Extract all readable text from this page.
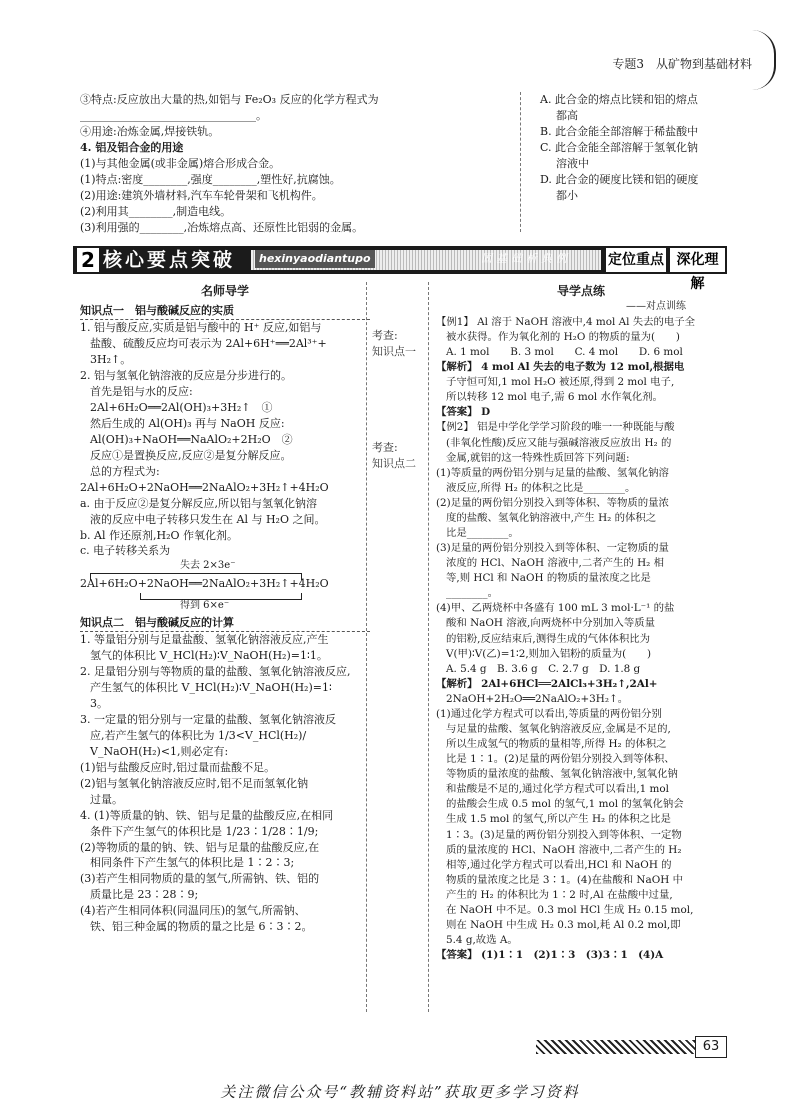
专题3　从矿物到基础材料
③特点:反应放出大量的热,如铝与 Fe₂O₃ 反应的化学方程式为
________________________________。
④用途:冶炼金属,焊接铁轨。
4. 铝及铝合金的用途
(1)与其他金属(或非金属)熔合形成合金。
(1)特点:密度________,强度________,塑性好,抗腐蚀。
(2)用途:建筑外墙材料,汽车车轮骨架和飞机构件。
(2)利用其________,制造电线。
(3)利用强的________,冶炼熔点高、还原性比铝弱的金属。
A. 此合金的熔点比镁和铝的熔点
都高
B. 此合金能全部溶解于稀盐酸中
C. 此合金能全部溶解于氢氧化钠
溶液中
D. 此合金的硬度比镁和铝的硬度
都小
2 核心要点突破	hexinyaodiantupo	固基础析典例	定位重点 深化理解
名师导学
知识点一　铝与酸碱反应的实质
1. 铝与酸反应,实质是铝与酸中的 H⁺ 反应,如铝与
盐酸、硫酸反应均可表示为 2Al+6H⁺══2Al³⁺+
3H₂↑。
2. 铝与氢氧化钠溶液的反应是分步进行的。
首先是铝与水的反应:
2Al+6H₂O══2Al(OH)₃+3H₂↑　①
然后生成的 Al(OH)₃ 再与 NaOH 反应:
Al(OH)₃+NaOH══NaAlO₂+2H₂O　②
反应①是置换反应,反应②是复分解反应。
总的方程式为:
2Al+6H₂O+2NaOH══2NaAlO₂+3H₂↑+4H₂O
a. 由于反应②是复分解反应,所以铝与氢氧化钠溶
液的反应中电子转移只发生在 Al 与 H₂O 之间。
b. Al 作还原剂,H₂O 作氧化剂。
c. 电子转移关系为
失去 2×3e⁻
2Al+6H₂O+2NaOH══2NaAlO₂+3H₂↑+4H₂O
得到 6×e⁻
知识点二　铝与酸碱反应的计算
1. 等量铝分别与足量盐酸、氢氧化钠溶液反应,产生
氢气的体积比 V_HCl(H₂)∶V_NaOH(H₂)=1∶1。
2. 足量铝分别与等物质的量的盐酸、氢氧化钠溶液反应,
产生氢气的体积比 V_HCl(H₂)∶V_NaOH(H₂)=1∶
3。
3. 一定量的铝分别与一定量的盐酸、氢氧化钠溶液反
应,若产生氢气的体积比为 1/3<V_HCl(H₂)/
V_NaOH(H₂)<1,则必定有:
(1)铝与盐酸反应时,铝过量而盐酸不足。
(2)铝与氢氧化钠溶液反应时,铝不足而氢氧化钠
过量。
4. (1)等质量的钠、铁、铝与足量的盐酸反应,在相同
条件下产生氢气的体积比是 1/23∶1/28∶1/9;
(2)等物质的量的钠、铁、铝与足量的盐酸反应,在
相同条件下产生氢气的体积比是 1∶2∶3;
(3)若产生相同物质的量的氢气,所需钠、铁、铝的
质量比是 23∶28∶9;
(4)若产生相同体积(同温同压)的氢气,所需钠、
铁、铝三种金属的物质的量之比是 6∶3∶2。
考查:
知识点一
考查:
知识点二
导学点练
——对点训练
【例1】 Al 溶于 NaOH 溶液中,4 mol Al 失去的电子全
被水获得。作为氧化剂的 H₂O 的物质的量为(　　)
A. 1 mol　　B. 3 mol　　C. 4 mol　　D. 6 mol
【解析】 4 mol Al 失去的电子数为 12 mol,根据电
子守恒可知,1 mol H₂O 被还原,得到 2 mol 电子,
所以转移 12 mol 电子,需 6 mol 水作氧化剂。
【答案】 D
【例2】 铝是中学化学学习阶段的唯一一种既能与酸
(非氧化性酸)反应又能与强碱溶液反应放出 H₂ 的
金属,就铝的这一特殊性质回答下列问题:
(1)等质量的两份铝分别与足量的盐酸、氢氧化钠溶
液反应,所得 H₂ 的体积之比是________。
(2)足量的两份铝分别投入到等体积、等物质的量浓
度的盐酸、氢氧化钠溶液中,产生 H₂ 的体积之
比是________。
(3)足量的两份铝分别投入到等体积、一定物质的量
浓度的 HCl、NaOH 溶液中,二者产生的 H₂ 相
等,则 HCl 和 NaOH 的物质的量浓度之比是
________。
(4)甲、乙两烧杯中各盛有 100 mL 3 mol·L⁻¹ 的盐
酸和 NaOH 溶液,向两烧杯中分别加入等质量
的铝粉,反应结束后,测得生成的气体体积比为
V(甲)∶V(乙)=1∶2,则加入铝粉的质量为(　　)
A. 5.4 g　B. 3.6 g　C. 2.7 g　D. 1.8 g
【解析】 2Al+6HCl══2AlCl₃+3H₂↑,2Al+
2NaOH+2H₂O══2NaAlO₂+3H₂↑。
(1)通过化学方程式可以看出,等质量的两份铝分别
与足量的盐酸、氢氧化钠溶液反应,金属是不足的,
所以生成氢气的物质的量相等,所得 H₂ 的体积之
比是 1∶1。(2)足量的两份铝分别投入到等体积、
等物质的量浓度的盐酸、氢氧化钠溶液中,氢氧化钠
和盐酸是不足的,通过化学方程式可以看出,1 mol
的盐酸会生成 0.5 mol 的氢气,1 mol 的氢氧化钠会
生成 1.5 mol 的氢气,所以产生 H₂ 的体积之比是
1∶3。(3)足量的两份铝分别投入到等体积、一定物
质的量浓度的 HCl、NaOH 溶液中,二者产生的 H₂
相等,通过化学方程式可以看出,HCl 和 NaOH 的
物质的量浓度之比是 3∶1。(4)在盐酸和 NaOH 中
产生的 H₂ 的体积比为 1∶2 时,Al 在盐酸中过量,
在 NaOH 中不足。0.3 mol HCl 生成 H₂ 0.15 mol,
则在 NaOH 中生成 H₂ 0.3 mol,耗 Al 0.2 mol,即
5.4 g,故选 A。
【答案】 (1)1∶1　(2)1∶3　(3)3∶1　(4)A
63
关注微信公众号“教辅资料站”获取更多学习资料
